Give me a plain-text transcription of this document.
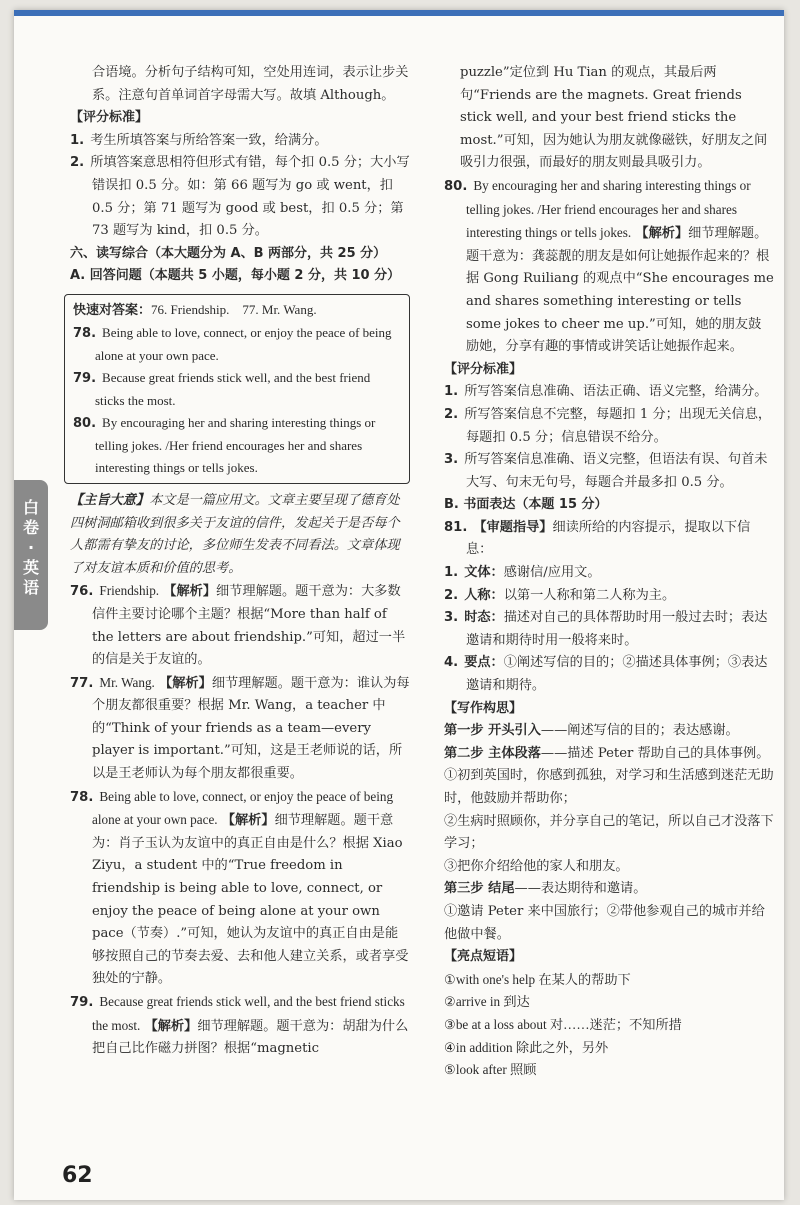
白
卷
·
英
语

合语境。分析句子结构可知，空处用连词，表示让步关系。注意句首单词首字母需大写。故填 Although。

【评分标准】

1. 考生所填答案与所给答案一致，给满分。

2. 所填答案意思相符但形式有错，每个扣 0.5 分；大小写错误扣 0.5 分。如：第 66 题写为 go 或 went，扣 0.5 分；第 71 题写为 good 或 best，扣 0.5 分；第 73 题写为 kind，扣 0.5 分。

六、读写综合（本大题分为 A、B 两部分，共 25 分）

A. 回答问题（本题共 5 小题，每小题 2 分，共 10 分）

快速对答案：76. Friendship. 77. Mr. Wang.
78. Being able to love, connect, or enjoy the peace of being alone at your own pace.
79. Because great friends stick well, and the best friend sticks the most.
80. By encouraging her and sharing interesting things or telling jokes. /Her friend encourages her and shares interesting things or tells jokes.

【主旨大意】本文是一篇应用文。文章主要呈现了德育处四树洞邮箱收到很多关于友谊的信件，发起关于是否每个人都需有挚友的讨论，多位师生发表不同看法。文章体现了对友谊本质和价值的思考。

76. Friendship. 【解析】细节理解题。题干意为：大多数信件主要讨论哪个主题？根据“More than half of the letters are about friendship.”可知，超过一半的信是关于友谊的。

77. Mr. Wang. 【解析】细节理解题。题干意为：谁认为每个朋友都很重要？根据 Mr. Wang，a teacher 中的“Think of your friends as a team—every player is important.”可知，这是王老师说的话，所以是王老师认为每个朋友都很重要。

78. Being able to love, connect, or enjoy the peace of being alone at your own pace. 【解析】细节理解题。题干意为：肖子玉认为友谊中的真正自由是什么？根据 Xiao Ziyu，a student 中的“True freedom in friendship is being able to love, connect, or enjoy the peace of being alone at your own pace（节奏）.”可知，她认为友谊中的真正自由是能够按照自己的节奏去爱、去和他人建立关系，或者享受独处的宁静。

79. Because great friends stick well, and the best friend sticks the most. 【解析】细节理解题。题干意为：胡甜为什么把自己比作磁力拼图？根据“magnetic

puzzle”定位到 Hu Tian 的观点，其最后两句“Friends are the magnets. Great friends stick well, and your best friend sticks the most.”可知，因为她认为朋友就像磁铁，好朋友之间吸引力很强，而最好的朋友则最具吸引力。

80. By encouraging her and sharing interesting things or telling jokes. /Her friend encourages her and shares interesting things or tells jokes. 【解析】细节理解题。题干意为：龚蕊靓的朋友是如何让她振作起来的？根据 Gong Ruiliang 的观点中“She encourages me and shares something interesting or tells some jokes to cheer me up.”可知，她的朋友鼓励她，分享有趣的事情或讲笑话让她振作起来。

【评分标准】

1. 所写答案信息准确、语法正确、语义完整，给满分。

2. 所写答案信息不完整，每题扣 1 分；出现无关信息，每题扣 0.5 分；信息错误不给分。

3. 所写答案信息准确、语义完整，但语法有误、句首未大写、句末无句号，每题合并最多扣 0.5 分。

B. 书面表达（本题 15 分）

81. 【审题指导】细读所给的内容提示，提取以下信息：

1. 文体：感谢信/应用文。

2. 人称：以第一人称和第二人称为主。

3. 时态：描述对自己的具体帮助时用一般过去时；表达邀请和期待时用一般将来时。

4. 要点：①阐述写信的目的；②描述具体事例；③表达邀请和期待。

【写作构思】

第一步 开头引入——阐述写信的目的；表达感谢。

第二步 主体段落——描述 Peter 帮助自己的具体事例。

①初到英国时，你感到孤独，对学习和生活感到迷茫无助时，他鼓励并帮助你；

②生病时照顾你，并分享自己的笔记，所以自己才没落下学习；

③把你介绍给他的家人和朋友。

第三步 结尾——表达期待和邀请。

①邀请 Peter 来中国旅行；②带他参观自己的城市并给他做中餐。

【亮点短语】

①with one's help 在某人的帮助下

②arrive in 到达

③be at a loss about 对……迷茫；不知所措

④in addition 除此之外，另外

⑤look after 照顾

62
